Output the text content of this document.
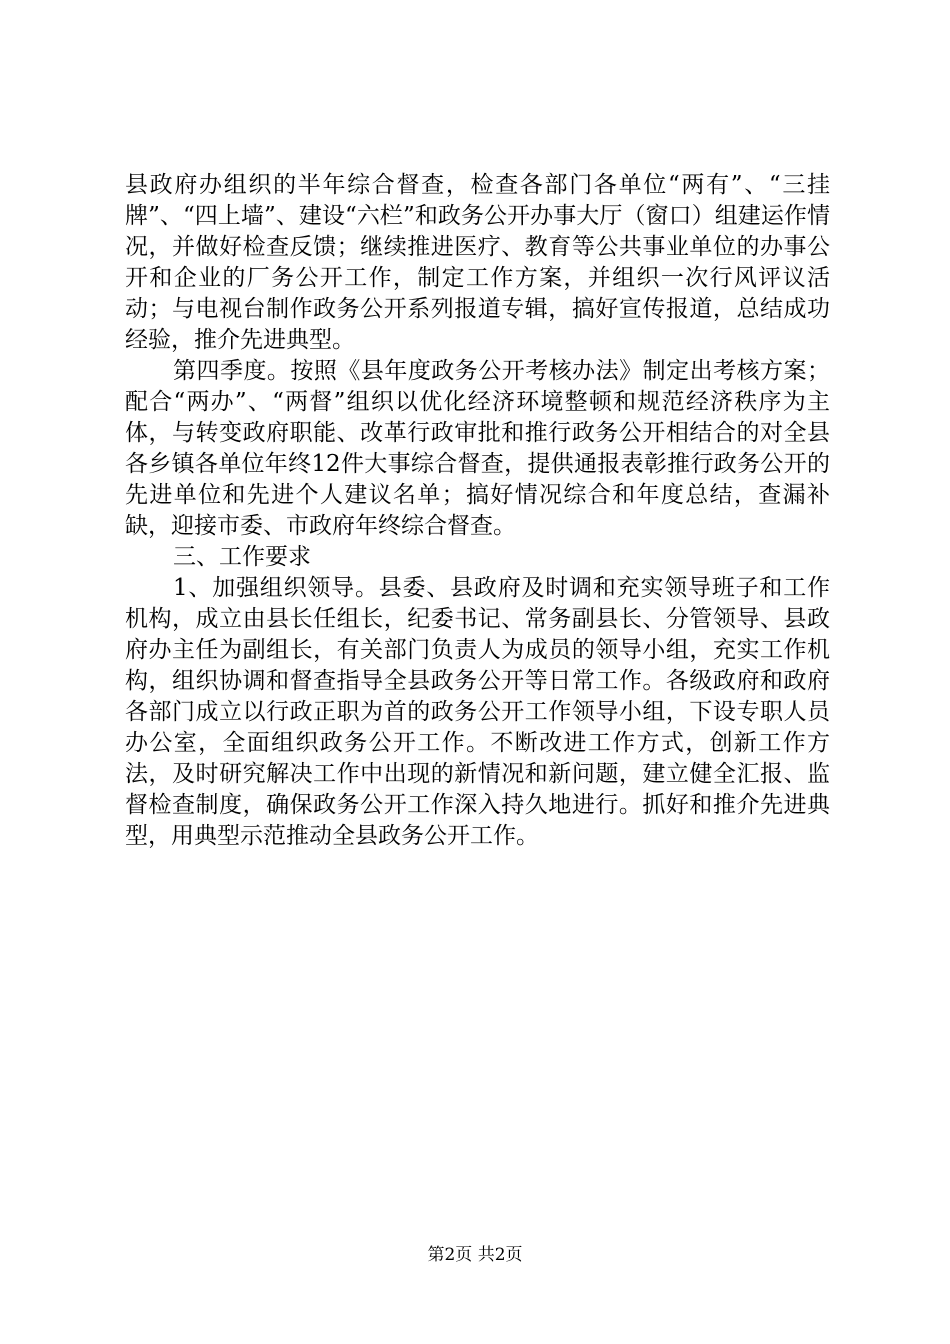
县政府办组织的半年综合督查，检查各部门各单位“两有”、“三挂牌”、“四上墙”、建设“六栏”和政务公开办事大厅（窗口）组建运作情况，并做好检查反馈；继续推进医疗、教育等公共事业单位的办事公开和企业的厂务公开工作，制定工作方案，并组织一次行风评议活动；与电视台制作政务公开系列报道专辑，搞好宣传报道，总结成功经验，推介先进典型。

第四季度。按照《县年度政务公开考核办法》制定出考核方案；配合“两办”、“两督”组织以优化经济环境整顿和规范经济秩序为主体，与转变政府职能、改革行政审批和推行政务公开相结合的对全县各乡镇各单位年终12件大事综合督查，提供通报表彰推行政务公开的先进单位和先进个人建议名单；搞好情况综合和年度总结，查漏补缺，迎接市委、市政府年终综合督查。

三、工作要求

1、加强组织领导。县委、县政府及时调和充实领导班子和工作机构，成立由县长任组长，纪委书记、常务副县长、分管领导、县政府办主任为副组长，有关部门负责人为成员的领导小组，充实工作机构，组织协调和督查指导全县政务公开等日常工作。各级政府和政府各部门成立以行政正职为首的政务公开工作领导小组，下设专职人员办公室，全面组织政务公开工作。不断改进工作方式，创新工作方法，及时研究解决工作中出现的新情况和新问题，建立健全汇报、监督检查制度，确保政务公开工作深入持久地进行。抓好和推介先进典型，用典型示范推动全县政务公开工作。

第2页 共2页
